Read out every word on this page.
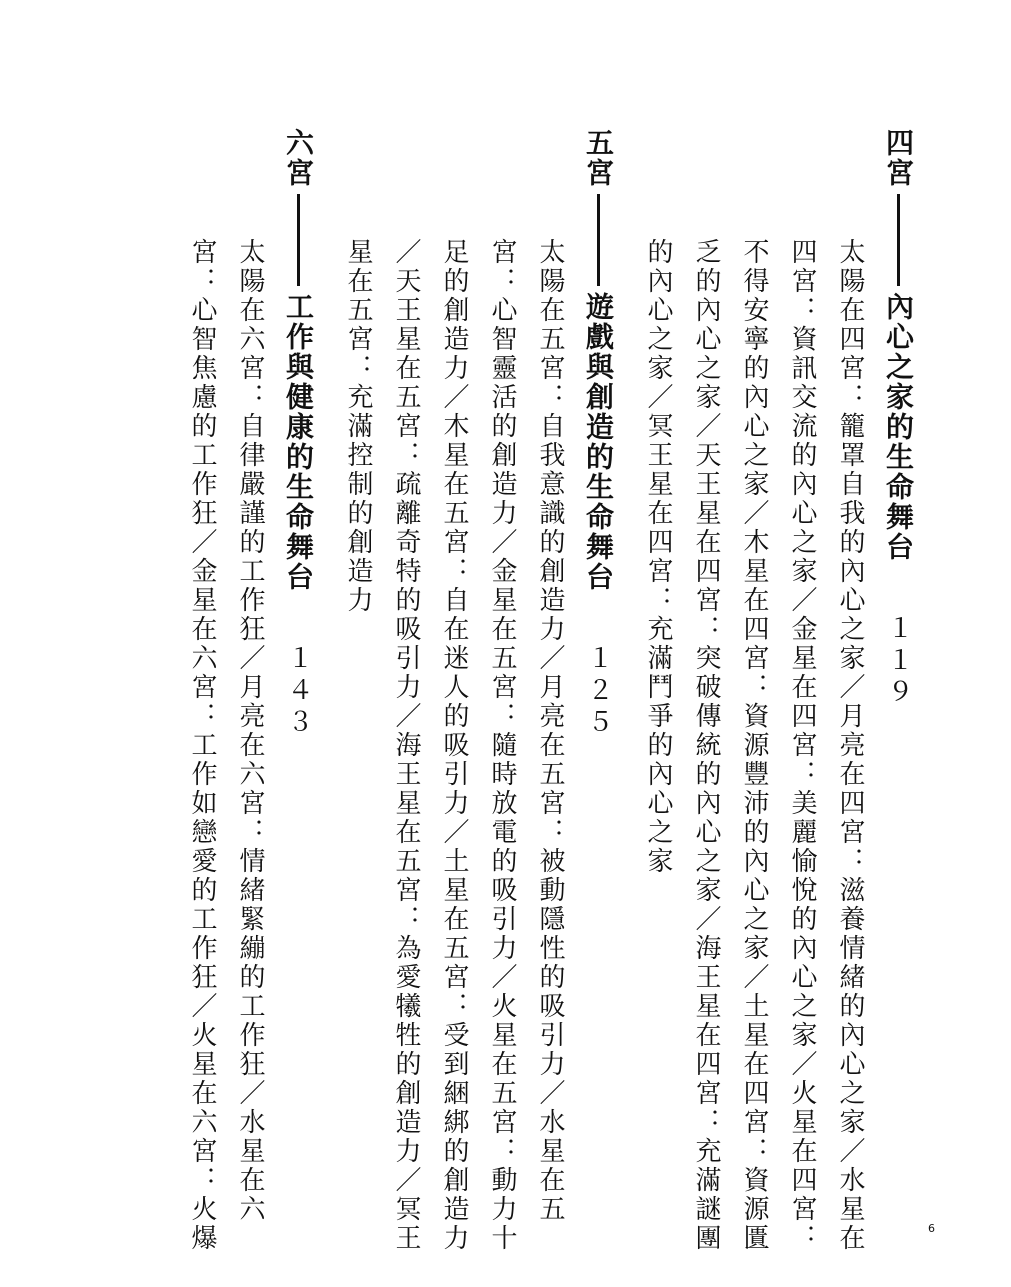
四宮
內心之家的生命舞台
１１９
太陽在四宮：籠罩自我的內心之家／月亮在四宮：滋養情緒的內心之家／水星在
四宮：資訊交流的內心之家／金星在四宮：美麗愉悅的內心之家／火星在四宮：
不得安寧的內心之家／木星在四宮：資源豐沛的內心之家／土星在四宮：資源匱
乏的內心之家／天王星在四宮：突破傳統的內心之家／海王星在四宮：充滿謎團
的內心之家／冥王星在四宮：充滿鬥爭的內心之家
五宮
遊戲與創造的生命舞台
１２５
太陽在五宮：自我意識的創造力／月亮在五宮：被動隱性的吸引力／水星在五
宮：心智靈活的創造力／金星在五宮：隨時放電的吸引力／火星在五宮：動力十
足的創造力／木星在五宮：自在迷人的吸引力／土星在五宮：受到綑綁的創造力
／天王星在五宮：疏離奇特的吸引力／海王星在五宮：為愛犧牲的創造力／冥王
星在五宮：充滿控制的創造力
六宮
工作與健康的生命舞台
１４３
太陽在六宮：自律嚴謹的工作狂／月亮在六宮：情緒緊繃的工作狂／水星在六
宮：心智焦慮的工作狂／金星在六宮：工作如戀愛的工作狂／火星在六宮：火爆	6
